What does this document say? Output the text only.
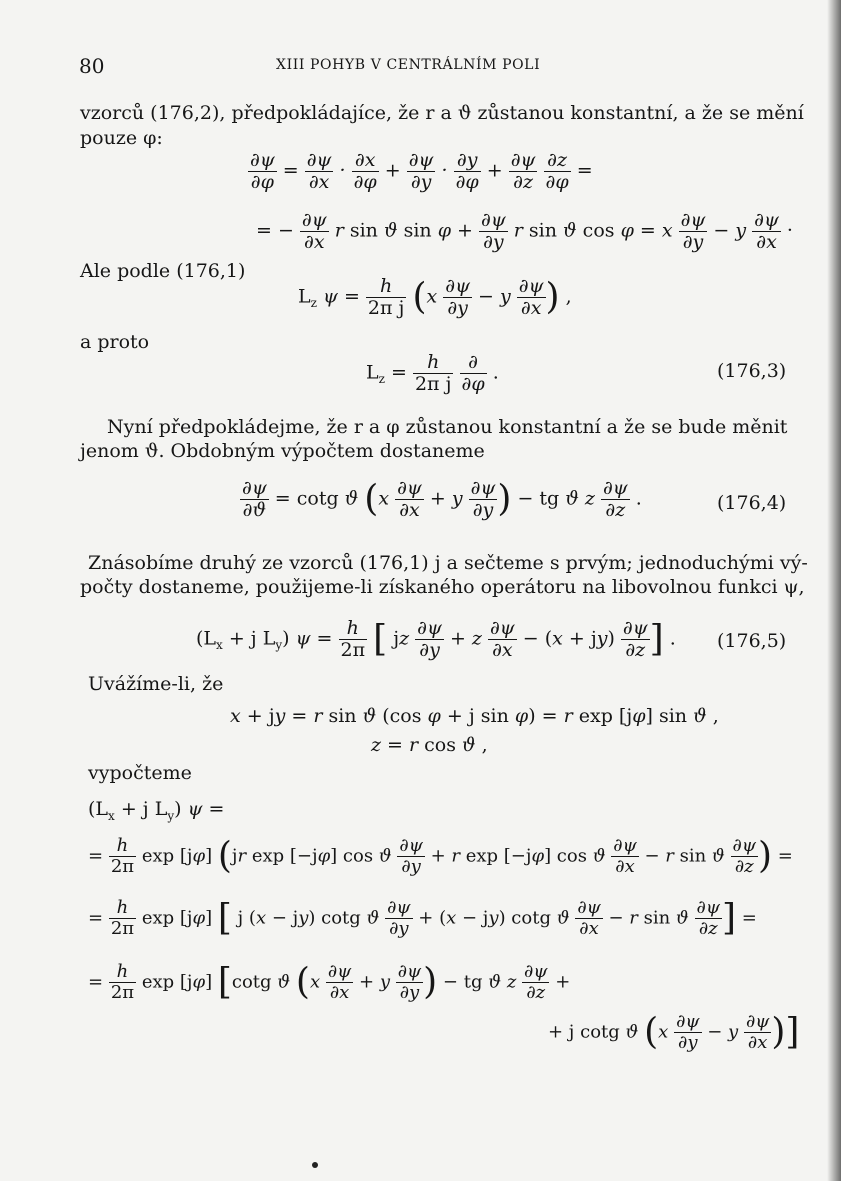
80	XIII POHYB V CENTRÁLNÍM POLI
vzorců (176,2), předpokládajíce, že r a ϑ zůstanou konstantní, a že se mění
pouze φ:
$\frac{\partial\psi}{\partial\varphi} = \frac{\partial\psi}{\partial x} \cdot \frac{\partial x}{\partial\varphi} + \frac{\partial\psi}{\partial y} \cdot \frac{\partial y}{\partial\varphi} + \frac{\partial\psi}{\partial z}$
$\frac{\partial z}{\partial\varphi}$ =
= − $\frac{\partial\psi}{\partial x}$ r sin ϑ $\sin \varphi + \frac{\partial\psi}{\partial y}$ r sin ϑ cos φ = x $\frac{\partial\psi}{\partial y} - y \frac{\partial\psi}{\partial x}$ ·
Ale podle (176,1)
$L_z$ $\psi = \frac{h}{\text{2π j}} (x \frac{\partial\psi}{\partial y} - y \frac{\partial\psi}{\partial x}$ ) ,
a proto
$L_z = \frac{h}{\text{2π j}}$
$\frac{\partial}{\partial\varphi}$ .	(176,3)
Nyní předpokládejme, že r a φ zůstanou konstantní a že se bude měnit
jenom ϑ. Obdobným výpočtem dostaneme
$\frac{\partial\psi}{\partial ϑ} = \cot g$ ϑ ($x \frac{\partial\psi}{\partial x} + y \frac{\partial\psi}{\partial y}$ ) − tg ϑ z $\frac{\partial\psi}{\partial z}$ .	(176,4)
Znásobíme druhý ze vzorců (176,1) j a sečteme s prvým; jednoduchými vý-
počty dostaneme, použijeme-li získaného operátoru na libovolnou funkci ψ,
($L_x + j$ $L_y$) $\psi = \frac{h}{2\pi}$ [ jz $\frac{\partial\psi}{\partial y} + z \frac{\partial\psi}{\partial x} - (x + jy) \frac{\partial\psi}{\partial z}$ ] . (176,5)
Uvážíme-li, že
x + jy = r sin ϑ (cos φ + j sin φ) = r exp [jφ] sin ϑ ,
z = r cos ϑ ,
vypočteme
($L_x + j$ $L_y$) ψ =
= $\frac{h}{2\pi}$ exp [jφ] (jr exp [−jφ] cos ϑ $\frac{\partial\psi}{\partial y} + r$ exp [−jφ] cos ϑ $\frac{\partial\psi}{\partial x} - r$ sin ϑ $\frac{\partial\psi}{\partial z}$ ) =
= $\frac{h}{2\pi}$ exp [jφ] [ j (x − jy) cotg ϑ $\frac{\partial\psi}{\partial y} + (x - jy)$ cotg ϑ $\frac{\partial\psi}{\partial x} - r$ sin ϑ $\frac{\partial\psi}{\partial z}$ ] =
= $\frac{h}{2\pi}$ exp [jφ] [cotg ϑ ($x \frac{\partial\psi}{\partial x} + y \frac{\partial\psi}{\partial y}$ ) − tg ϑ z $\frac{\partial\psi}{\partial z}$ +
+ j cotg ϑ ($x \frac{\partial\psi}{\partial y} - y \frac{\partial\psi}{\partial x}$ )]
